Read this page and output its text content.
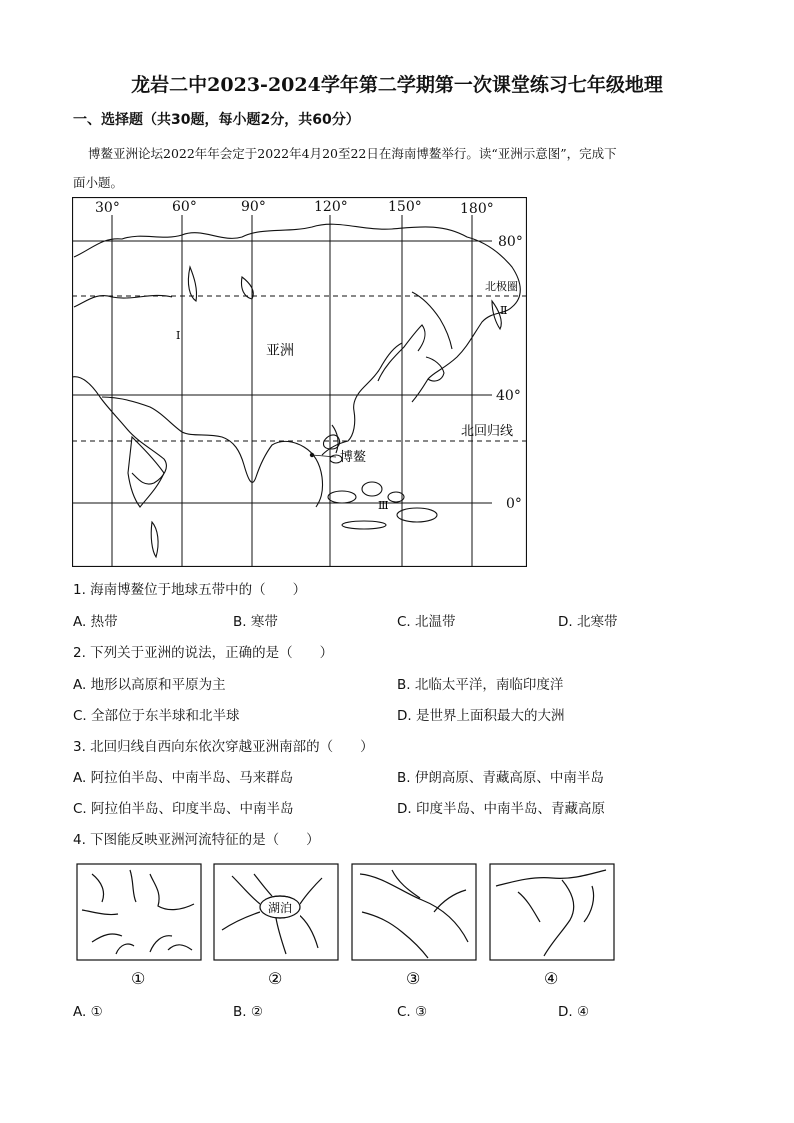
龙岩二中2023-2024学年第二学期第一次课堂练习七年级地理
一、选择题（共30题，每小题2分，共60分）
博鳌亚洲论坛2022年年会定于2022年4月20至22日在海南博鳌举行。读“亚洲示意图”，完成下
面小题。
30°	60°	90°	120°	150°	180°
80°
40°
0°
北极圈
北回归线
亚洲
博鳌
Ⅰ
Ⅱ
Ⅲ
1. 海南博鳌位于地球五带中的（　　）
A. 热带	B. 寒带	C. 北温带	D. 北寒带
2. 下列关于亚洲的说法，正确的是（　　）
A. 地形以高原和平原为主	B. 北临太平洋，南临印度洋
C. 全部位于东半球和北半球	D. 是世界上面积最大的大洲
3. 北回归线自西向东依次穿越亚洲南部的（　　）
A. 阿拉伯半岛、中南半岛、马来群岛	B. 伊朗高原、青藏高原、中南半岛
C. 阿拉伯半岛、印度半岛、中南半岛	D. 印度半岛、中南半岛、青藏高原
4. 下图能反映亚洲河流特征的是（　　）
湖泊
①	②	③	④
A. ①	B. ②	C. ③	D. ④
